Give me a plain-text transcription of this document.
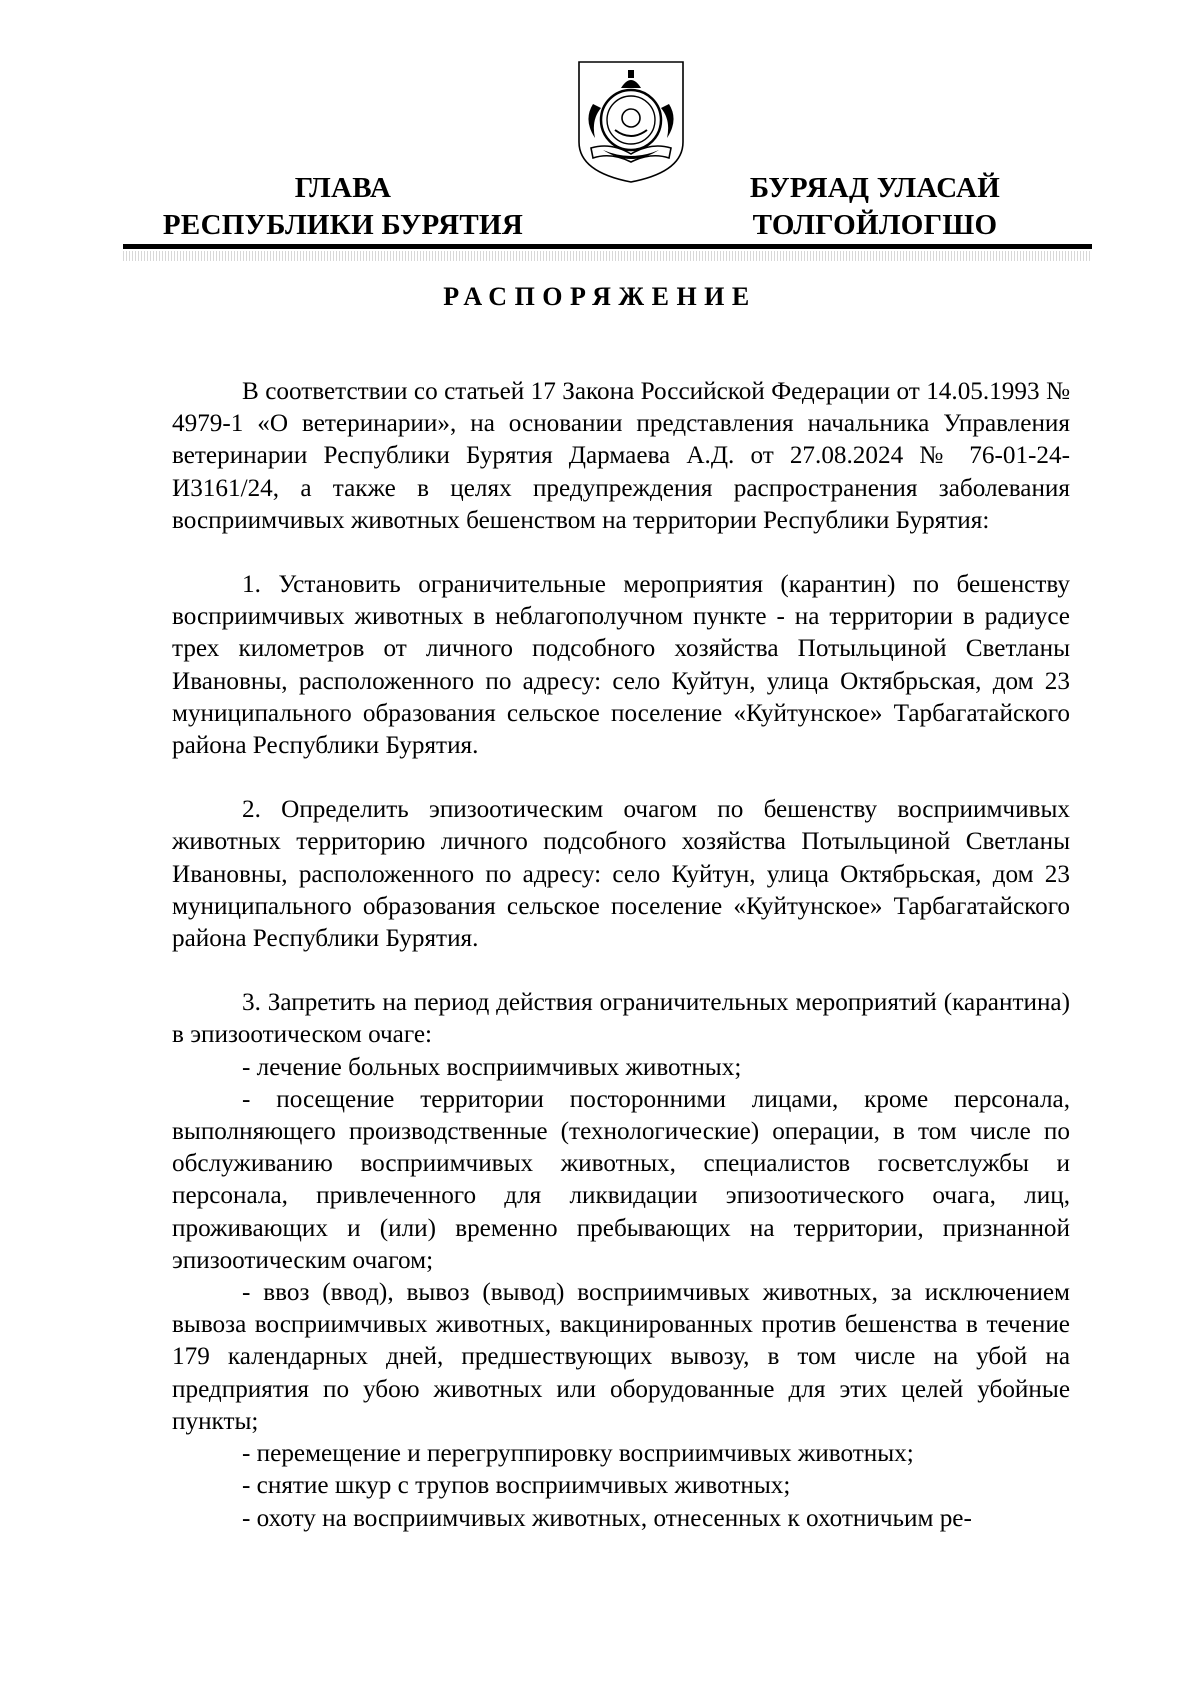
ГЛАВА
РЕСПУБЛИКИ БУРЯТИЯ
БУРЯАД УЛАСАЙ
ТОЛГОЙЛОГШО
РАСПОРЯЖЕНИЕ

В соответствии со статьей 17 Закона Российской Федерации от 14.05.1993 № 4979-1 «О ветеринарии», на основании представления начальника Управления ветеринарии Республики Бурятия Дармаева А.Д. от 27.08.2024 № 76-01-24-И3161/24, а также в целях предупреждения распространения заболевания восприимчивых животных бешенством на территории Республики Бурятия:

1. Установить ограничительные мероприятия (карантин) по бешенству восприимчивых животных в неблагополучном пункте - на территории в радиусе трех километров от личного подсобного хозяйства Потыльциной Светланы Ивановны, расположенного по адресу: село Куйтун, улица Октябрьская, дом 23 муниципального образования сельское поселение «Куйтунское» Тарбагатайского района Республики Бурятия.

2. Определить эпизоотическим очагом по бешенству восприимчивых животных территорию личного подсобного хозяйства Потыльциной Светланы Ивановны, расположенного по адресу: село Куйтун, улица Октябрьская, дом 23 муниципального образования сельское поселение «Куйтунское» Тарбагатайского района Республики Бурятия.

3. Запретить на период действия ограничительных мероприятий (карантина) в эпизоотическом очаге:

- лечение больных восприимчивых животных;

- посещение территории посторонними лицами, кроме персонала, выполняющего производственные (технологические) операции, в том числе по обслуживанию восприимчивых животных, специалистов госветслужбы и персонала, привлеченного для ликвидации эпизоотического очага, лиц, проживающих и (или) временно пребывающих на территории, признанной эпизоотическим очагом;

- ввоз (ввод), вывоз (вывод) восприимчивых животных, за исключением вывоза восприимчивых животных, вакцинированных против бешенства в течение 179 календарных дней, предшествующих вывозу, в том числе на убой на предприятия по убою животных или оборудованные для этих целей убойные пункты;

- перемещение и перегруппировку восприимчивых животных;

- снятие шкур с трупов восприимчивых животных;

- охоту на восприимчивых животных, отнесенных к охотничьим ре-
